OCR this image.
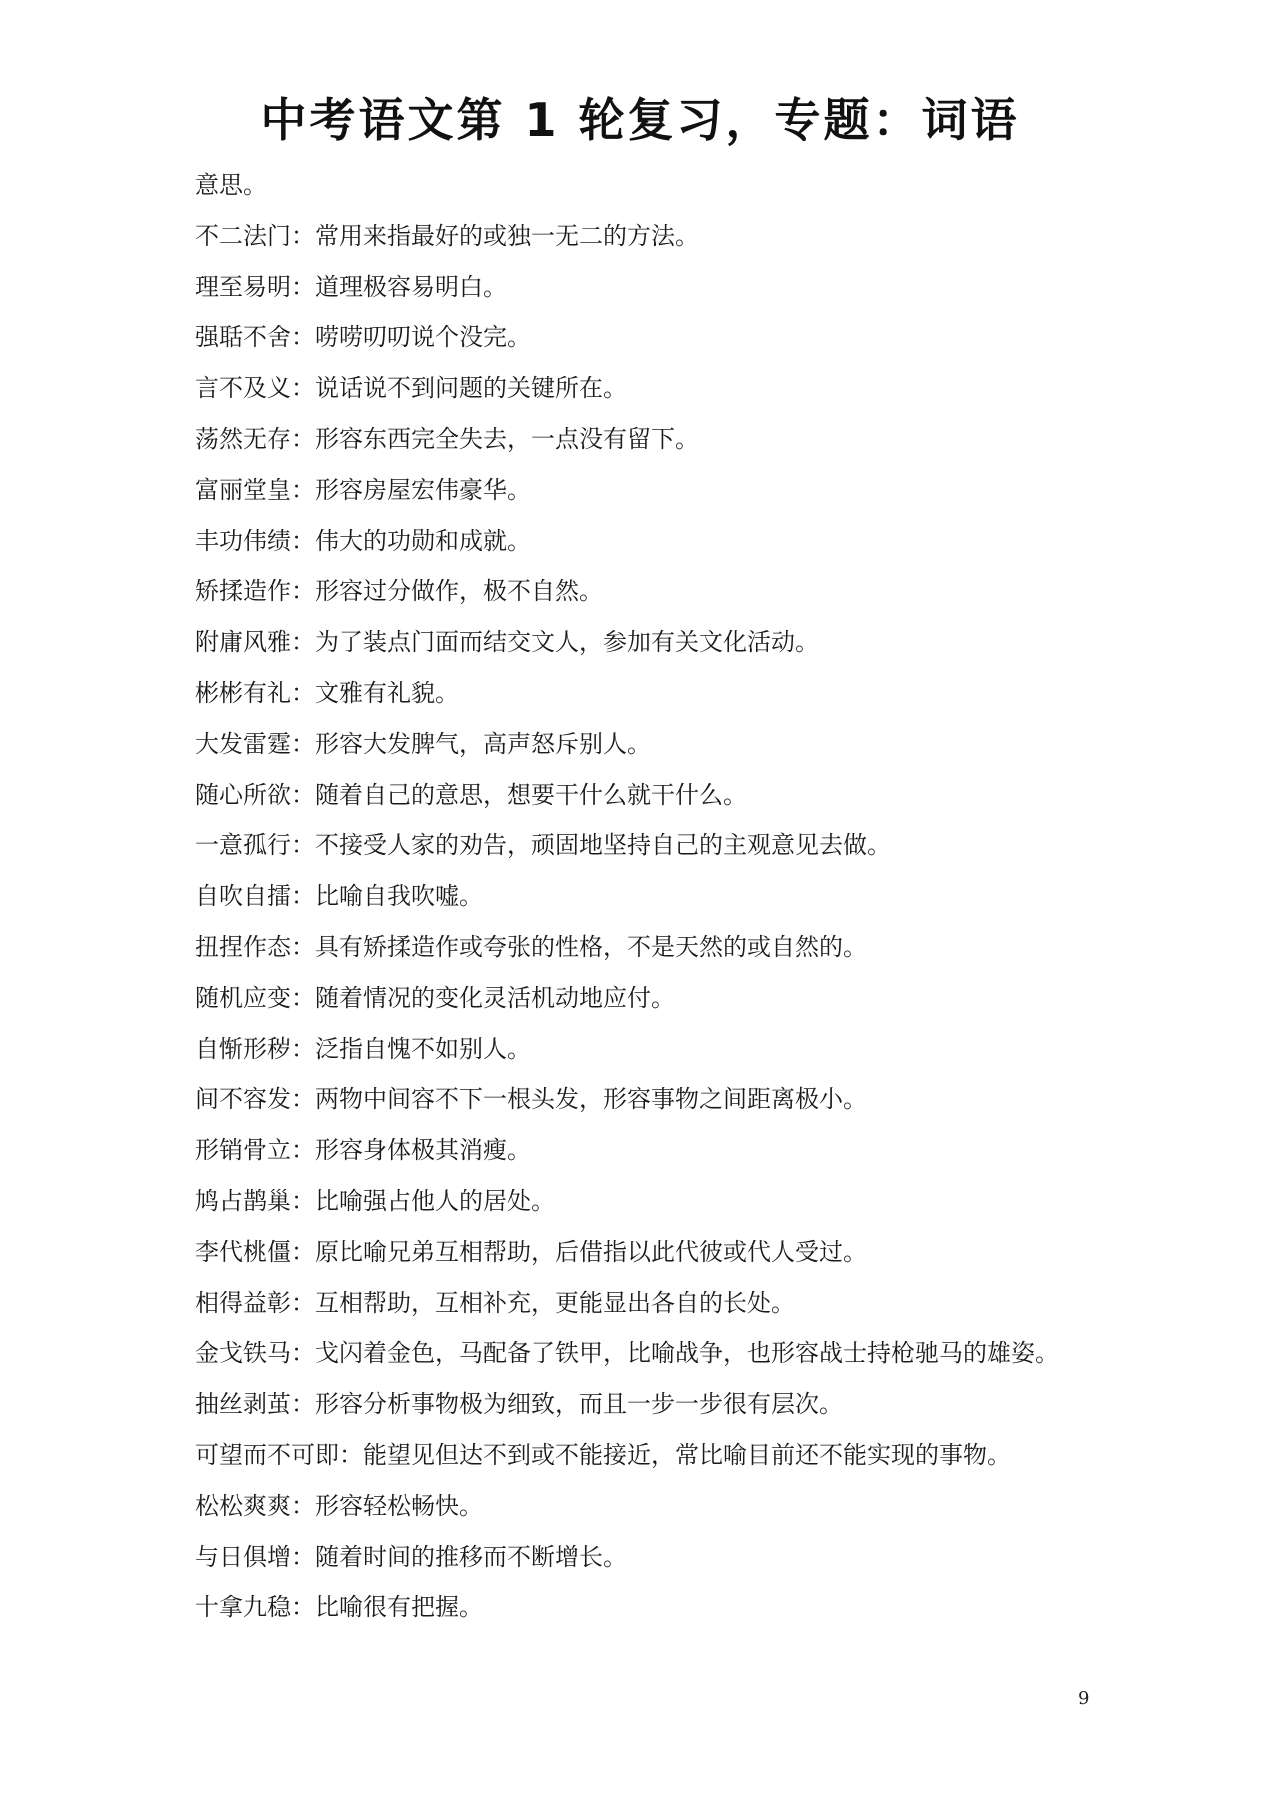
中考语文第 1 轮复习，专题：词语
意思。
不二法门：常用来指最好的或独一无二的方法。
理至易明：道理极容易明白。
强聒不舍：唠唠叨叨说个没完。
言不及义：说话说不到问题的关键所在。
荡然无存：形容东西完全失去，一点没有留下。
富丽堂皇：形容房屋宏伟豪华。
丰功伟绩：伟大的功勋和成就。
矫揉造作：形容过分做作，极不自然。
附庸风雅：为了装点门面而结交文人，参加有关文化活动。
彬彬有礼：文雅有礼貌。
大发雷霆：形容大发脾气，高声怒斥别人。
随心所欲：随着自己的意思，想要干什么就干什么。
一意孤行：不接受人家的劝告，顽固地坚持自己的主观意见去做。
自吹自擂：比喻自我吹嘘。
扭捏作态：具有矫揉造作或夸张的性格，不是天然的或自然的。
随机应变：随着情况的变化灵活机动地应付。
自惭形秽：泛指自愧不如别人。
间不容发：两物中间容不下一根头发，形容事物之间距离极小。
形销骨立：形容身体极其消瘦。
鸠占鹊巢：比喻强占他人的居处。
李代桃僵：原比喻兄弟互相帮助，后借指以此代彼或代人受过。
相得益彰：互相帮助，互相补充，更能显出各自的长处。
金戈铁马：戈闪着金色，马配备了铁甲，比喻战争，也形容战士持枪驰马的雄姿。
抽丝剥茧：形容分析事物极为细致，而且一步一步很有层次。
可望而不可即：能望见但达不到或不能接近，常比喻目前还不能实现的事物。
松松爽爽：形容轻松畅快。
与日俱增：随着时间的推移而不断增长。
十拿九稳：比喻很有把握。
9
